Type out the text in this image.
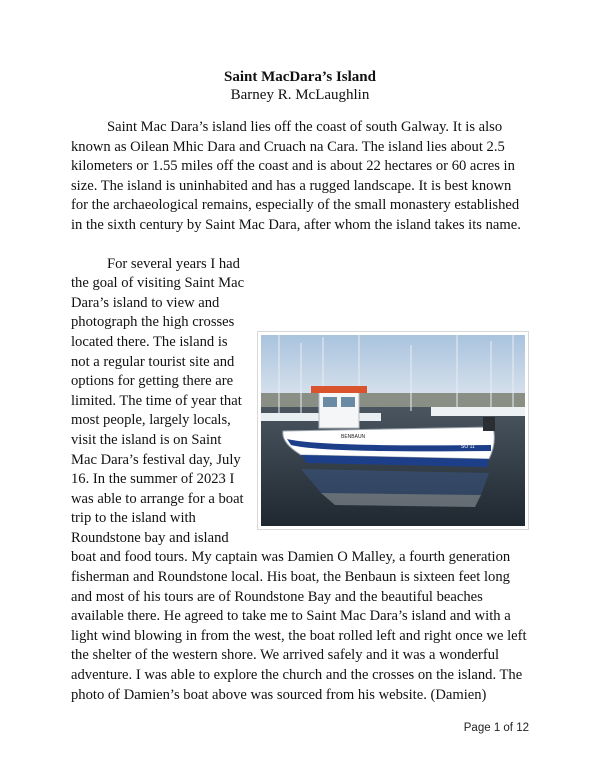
Saint MacDara’s Island

Barney R. McLaughlin

Saint Mac Dara’s island lies off the coast of south Galway. It is also known as Oilean Mhic Dara and Cruach na Cara. The island lies about 2.5 kilometers or 1.55 miles off the coast and is about 22 hectares or 60 acres in size. The island is uninhabited and has a rugged landscape. It is best known for the archaeological remains, especially of the small monastery established in the sixth century by Saint Mac Dara, after whom the island takes its name.

BENBAUN
SO 11

For several years I had the goal of visiting Saint Mac Dara’s island to view and photograph the high crosses located there. The island is not a regular tourist site and options for getting there are limited. The time of year that most people, largely locals, visit the island is on Saint Mac Dara’s festival day, July 16. In the summer of 2023 I was able to arrange for a boat trip to the island with Roundstone bay and island boat and food tours. My captain was Damien O Malley, a fourth generation fisherman and Roundstone local. His boat, the Benbaun is sixteen feet long and most of his tours are of Roundstone Bay and the beautiful beaches available there. He agreed to take me to Saint Mac Dara’s island and with a light wind blowing in from the west, the boat rolled left and right once we left the shelter of the western shore. We arrived safely and it was a wonderful adventure. I was able to explore the church and the crosses on the island. The photo of Damien’s boat above was sourced from his website. (Damien)

Page 1 of 12
